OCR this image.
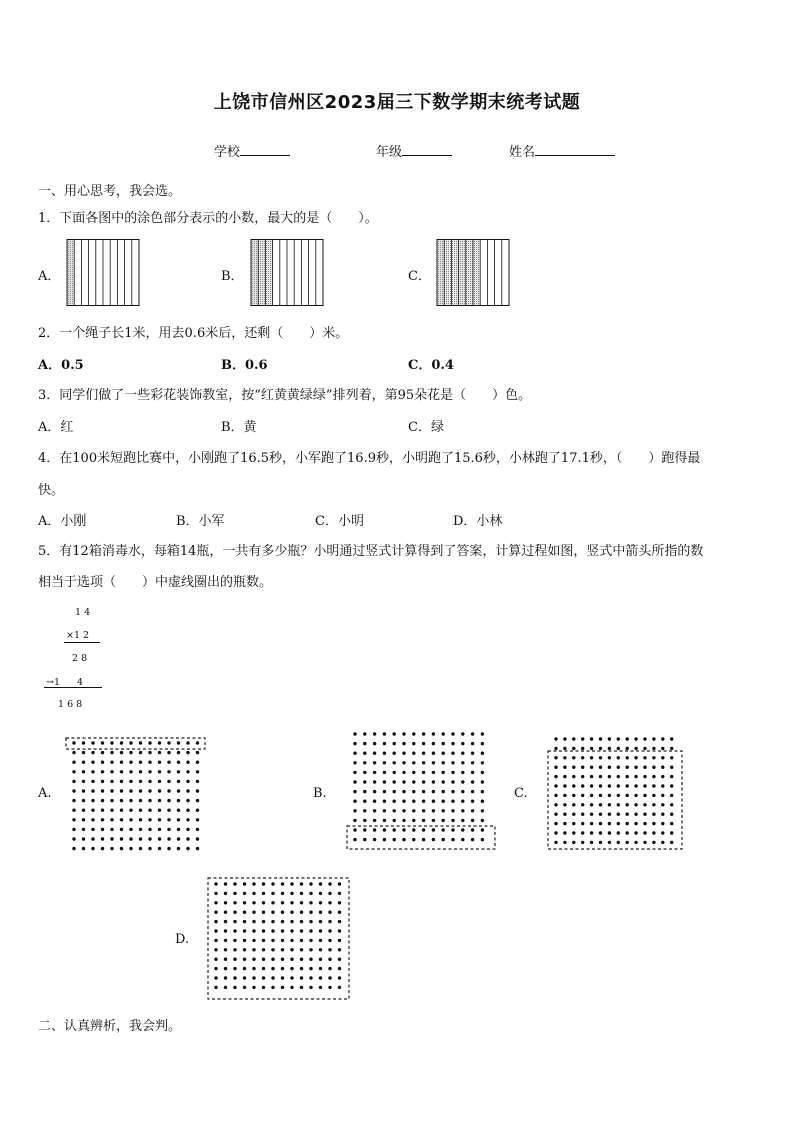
上饶市信州区2023届三下数学期末统考试题
学校	年级	姓名
一、用心思考，我会选。
1．下面各图中的涂色部分表示的小数，最大的是（　　）。
A．	B．	C．
2．一个绳子长1米，用去0.6米后，还剩（　　）米。
A．0.5	B．0.6	C．0.4
3．同学们做了一些彩花装饰教室，按“红黄黄绿绿”排列着，第95朵花是（　　）色。
A．红	B．黄	C．绿
4．在100米短跑比赛中，小刚跑了16.5秒，小军跑了16.9秒，小明跑了15.6秒，小林跑了17.1秒，（　　）跑得最
快。
A．小刚	B．小军	C．小明	D．小林
5．有12箱消毒水，每箱14瓶，一共有多少瓶？小明通过竖式计算得到了答案，计算过程如图，竖式中箭头所指的数
相当于选项（　　）中虚线圈出的瓶数。
1 4
×1 2
2 8
→1 4
1 6 8
A.	B.	C.
D.
二、认真辨析，我会判。
